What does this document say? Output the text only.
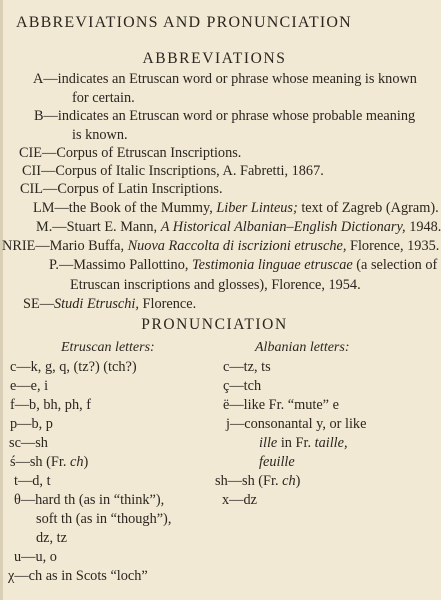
ABBREVIATIONS AND PRONUNCIATION
ABBREVIATIONS
A—indicates an Etruscan word or phrase whose meaning is known
for certain.
B—indicates an Etruscan word or phrase whose probable meaning
is known.
CIE—Corpus of Etruscan Inscriptions.
CII—Corpus of Italic Inscriptions, A. Fabretti, 1867.
CIL—Corpus of Latin Inscriptions.
LM—the Book of the Mummy, Liber Linteus; text of Zagreb (Agram).
M.—Stuart E. Mann, A Historical Albanian–English Dictionary, 1948.
NRIE—Mario Buffa, Nuova Raccolta di iscrizioni etrusche, Florence, 1935.
P.—Massimo Pallottino, Testimonia linguae etruscae (a selection of
Etruscan inscriptions and glosses), Florence, 1954.
SE—Studi Etruschi, Florence.
PRONUNCIATION
Etruscan letters:
c—k, g, q, (tz?) (tch?)
e—e, i
f—b, bh, ph, f
p—b, p
sc—sh
ś—sh (Fr. ch)
t—d, t
θ—hard th (as in “think”),
soft th (as in “though”),
dz, tz
u—u, o
χ—ch as in Scots “loch”
Albanian letters:
c—tz, ts
ç—tch
ë—like Fr. “mute” e
j—consonantal y, or like
ille in Fr. taille,
feuille
sh—sh (Fr. ch)
x—dz
